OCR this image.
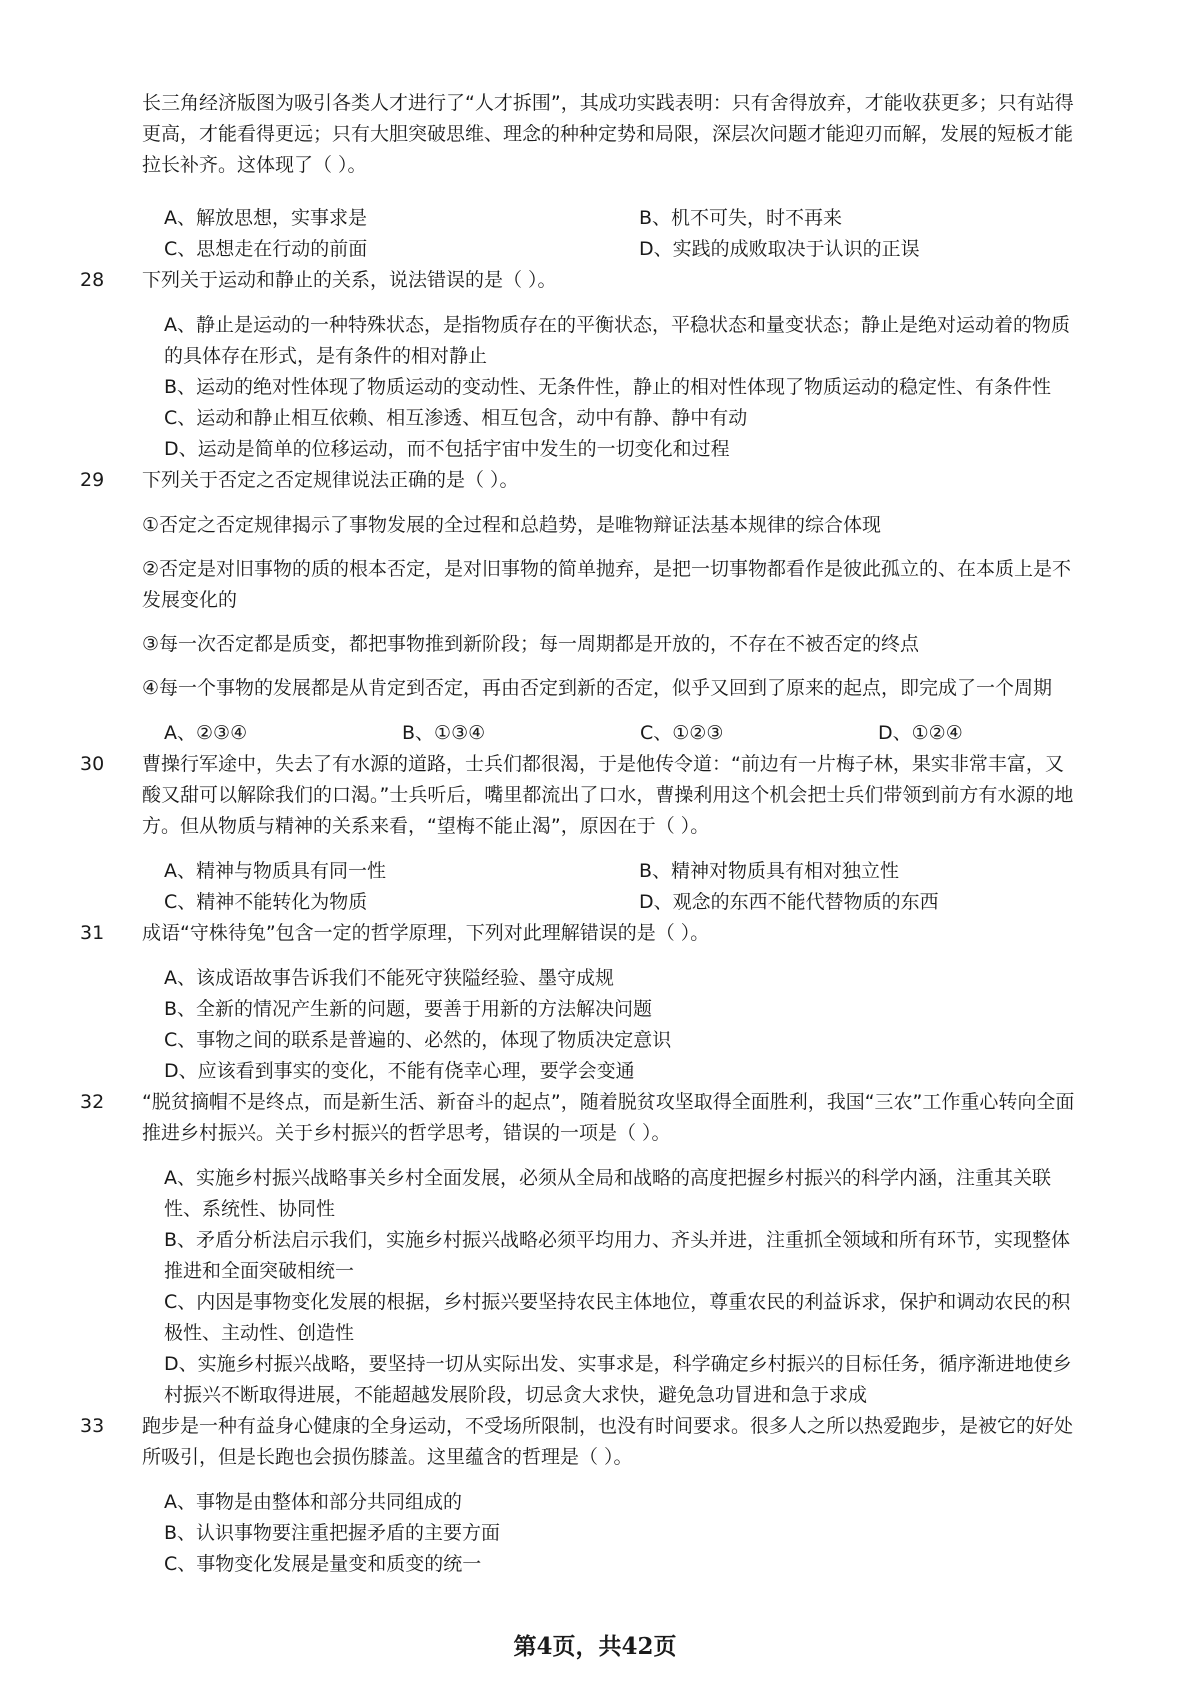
长三角经济版图为吸引各类人才进行了“人才拆围”，其成功实践表明：只有舍得放弃，才能收获更多；只有站得更高，才能看得更远；只有大胆突破思维、理念的种种定势和局限，深层次问题才能迎刃而解，发展的短板才能拉长补齐。这体现了（ ）。
A、解放思想，实事求是	B、机不可失，时不再来
C、思想走在行动的前面	D、实践的成败取决于认识的正误
28	下列关于运动和静止的关系，说法错误的是（ ）。
A、静止是运动的一种特殊状态，是指物质存在的平衡状态，平稳状态和量变状态；静止是绝对运动着的物质的具体存在形式，是有条件的相对静止
B、运动的绝对性体现了物质运动的变动性、无条件性，静止的相对性体现了物质运动的稳定性、有条件性
C、运动和静止相互依赖、相互渗透、相互包含，动中有静、静中有动
D、运动是简单的位移运动，而不包括宇宙中发生的一切变化和过程
29	下列关于否定之否定规律说法正确的是（ ）。
①否定之否定规律揭示了事物发展的全过程和总趋势，是唯物辩证法基本规律的综合体现
②否定是对旧事物的质的根本否定，是对旧事物的简单抛弃，是把一切事物都看作是彼此孤立的、在本质上是不发展变化的
③每一次否定都是质变，都把事物推到新阶段；每一周期都是开放的，不存在不被否定的终点
④每一个事物的发展都是从肯定到否定，再由否定到新的否定，似乎又回到了原来的起点，即完成了一个周期
A、②③④	B、①③④	C、①②③	D、①②④
30	曹操行军途中，失去了有水源的道路，士兵们都很渴，于是他传令道：“前边有一片梅子林，果实非常丰富，又酸又甜可以解除我们的口渴。”士兵听后，嘴里都流出了口水，曹操利用这个机会把士兵们带领到前方有水源的地方。但从物质与精神的关系来看，“望梅不能止渴”，原因在于（ ）。
A、精神与物质具有同一性	B、精神对物质具有相对独立性
C、精神不能转化为物质	D、观念的东西不能代替物质的东西
31	成语“守株待兔”包含一定的哲学原理，下列对此理解错误的是（ ）。
A、该成语故事告诉我们不能死守狭隘经验、墨守成规
B、全新的情况产生新的问题，要善于用新的方法解决问题
C、事物之间的联系是普遍的、必然的，体现了物质决定意识
D、应该看到事实的变化，不能有侥幸心理，要学会变通
32	“脱贫摘帽不是终点，而是新生活、新奋斗的起点”，随着脱贫攻坚取得全面胜利，我国“三农”工作重心转向全面推进乡村振兴。关于乡村振兴的哲学思考，错误的一项是（ ）。
A、实施乡村振兴战略事关乡村全面发展，必须从全局和战略的高度把握乡村振兴的科学内涵，注重其关联性、系统性、协同性
B、矛盾分析法启示我们，实施乡村振兴战略必须平均用力、齐头并进，注重抓全领域和所有环节，实现整体推进和全面突破相统一
C、内因是事物变化发展的根据，乡村振兴要坚持农民主体地位，尊重农民的利益诉求，保护和调动农民的积极性、主动性、创造性
D、实施乡村振兴战略，要坚持一切从实际出发、实事求是，科学确定乡村振兴的目标任务，循序渐进地使乡村振兴不断取得进展，不能超越发展阶段，切忌贪大求快，避免急功冒进和急于求成
33	跑步是一种有益身心健康的全身运动，不受场所限制，也没有时间要求。很多人之所以热爱跑步，是被它的好处所吸引，但是长跑也会损伤膝盖。这里蕴含的哲理是（ ）。
A、事物是由整体和部分共同组成的
B、认识事物要注重把握矛盾的主要方面
C、事物变化发展是量变和质变的统一
第4页，共42页
